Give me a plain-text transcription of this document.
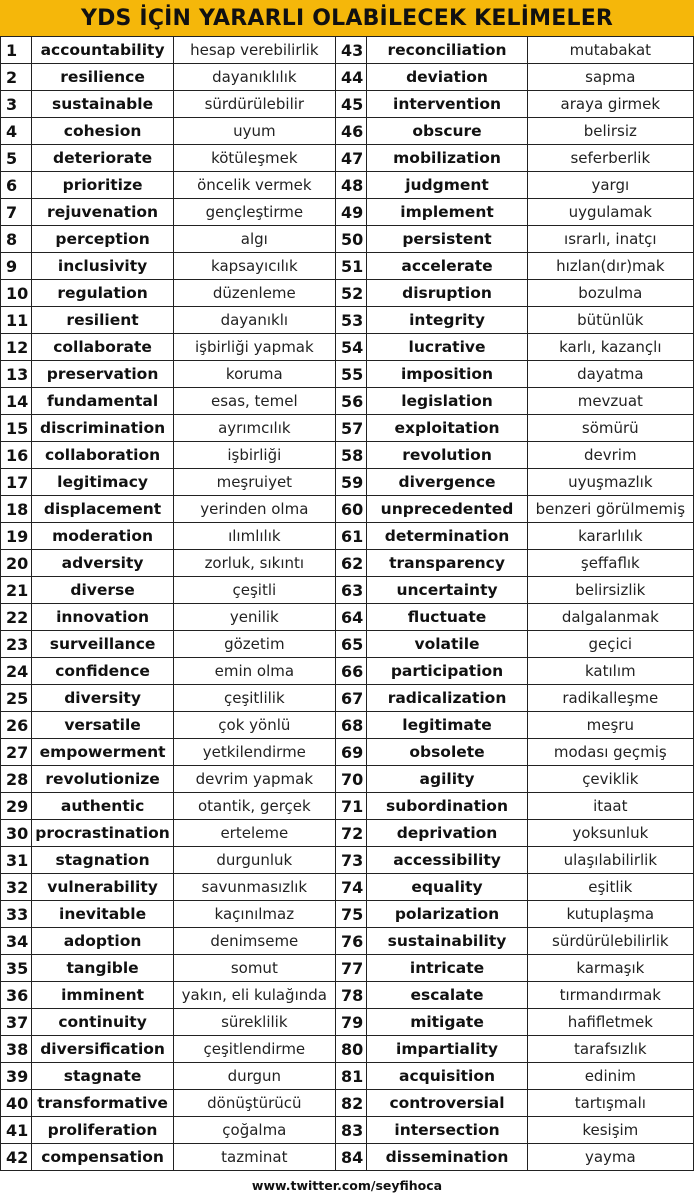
YDS İÇİN YARARLI OLABİLECEK KELİMELER
1	accountability	hesap verebilirlik	43	reconciliation	mutabakat
2	resilience	dayanıklılık	44	deviation	sapma
3	sustainable	sürdürülebilir	45	intervention	araya girmek
4	cohesion	uyum	46	obscure	belirsiz
5	deteriorate	kötüleşmek	47	mobilization	seferberlik
6	prioritize	öncelik vermek	48	judgment	yargı
7	rejuvenation	gençleştirme	49	implement	uygulamak
8	perception	algı	50	persistent	ısrarlı, inatçı
9	inclusivity	kapsayıcılık	51	accelerate	hızlan(dır)mak
10	regulation	düzenleme	52	disruption	bozulma
11	resilient	dayanıklı	53	integrity	bütünlük
12	collaborate	işbirliği yapmak	54	lucrative	karlı, kazançlı
13	preservation	koruma	55	imposition	dayatma
14	fundamental	esas, temel	56	legislation	mevzuat
15	discrimination	ayrımcılık	57	exploitation	sömürü
16	collaboration	işbirliği	58	revolution	devrim
17	legitimacy	meşruiyet	59	divergence	uyuşmazlık
18	displacement	yerinden olma	60	unprecedented	benzeri görülmemiş
19	moderation	ılımlılık	61	determination	kararlılık
20	adversity	zorluk, sıkıntı	62	transparency	şeffaflık
21	diverse	çeşitli	63	uncertainty	belirsizlik
22	innovation	yenilik	64	fluctuate	dalgalanmak
23	surveillance	gözetim	65	volatile	geçici
24	confidence	emin olma	66	participation	katılım
25	diversity	çeşitlilik	67	radicalization	radikalleşme
26	versatile	çok yönlü	68	legitimate	meşru
27	empowerment	yetkilendirme	69	obsolete	modası geçmiş
28	revolutionize	devrim yapmak	70	agility	çeviklik
29	authentic	otantik, gerçek	71	subordination	itaat
30	procrastination	erteleme	72	deprivation	yoksunluk
31	stagnation	durgunluk	73	accessibility	ulaşılabilirlik
32	vulnerability	savunmasızlık	74	equality	eşitlik
33	inevitable	kaçınılmaz	75	polarization	kutuplaşma
34	adoption	denimseme	76	sustainability	sürdürülebilirlik
35	tangible	somut	77	intricate	karmaşık
36	imminent	yakın, eli kulağında	78	escalate	tırmandırmak
37	continuity	süreklilik	79	mitigate	hafifletmek
38	diversification	çeşitlendirme	80	impartiality	tarafsızlık
39	stagnate	durgun	81	acquisition	edinim
40	transformative	dönüştürücü	82	controversial	tartışmalı
41	proliferation	çoğalma	83	intersection	kesişim
42	compensation	tazminat	84	dissemination	yayma
www.twitter.com/seyfihoca
